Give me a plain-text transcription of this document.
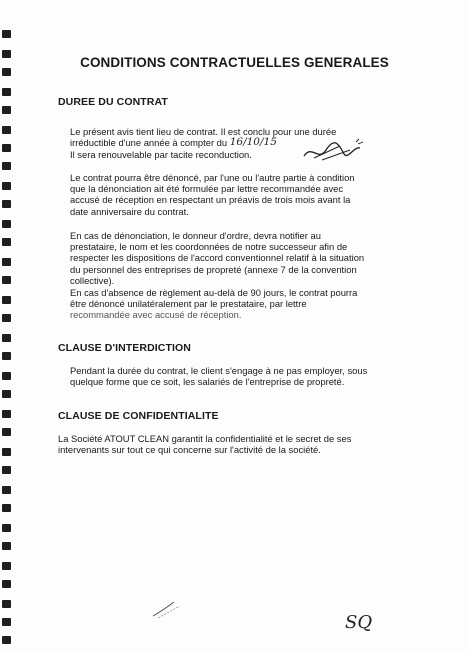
CONDITIONS CONTRACTUELLES GENERALES
DUREE DU CONTRAT
Le présent avis tient lieu de contrat. Il est conclu pour une durée
irréductible d'une année à compter du 16/10/15
Il sera renouvelable par tacite reconduction.
Le contrat pourra être dénoncé, par l'une ou l'autre partie à condition
que la dénonciation ait été formulée par lettre recommandée avec
accusé de réception en respectant un préavis de trois mois avant la
date anniversaire du contrat.
En cas de dénonciation, le donneur d'ordre, devra notifier au
prestataire, le nom et les coordonnées de notre successeur afin de
respecter les dispositions de l'accord conventionnel relatif à la situation
du personnel des entreprises de propreté (annexe 7 de la convention
collective).
En cas d'absence de règlement au-delà de 90 jours, le contrat pourra
être dénoncé unilatéralement par le prestataire, par lettre
recommandée avec accusé de réception.
CLAUSE D'INTERDICTION
Pendant la durée du contrat, le client s'engage à ne pas employer, sous
quelque forme que ce soit, les salariés de l'entreprise de propreté.
CLAUSE DE CONFIDENTIALITE
La Société ATOUT CLEAN garantit la confidentialité et le secret de ses
intervenants sur tout ce qui concerne sur l'activité de la société.
SQ
